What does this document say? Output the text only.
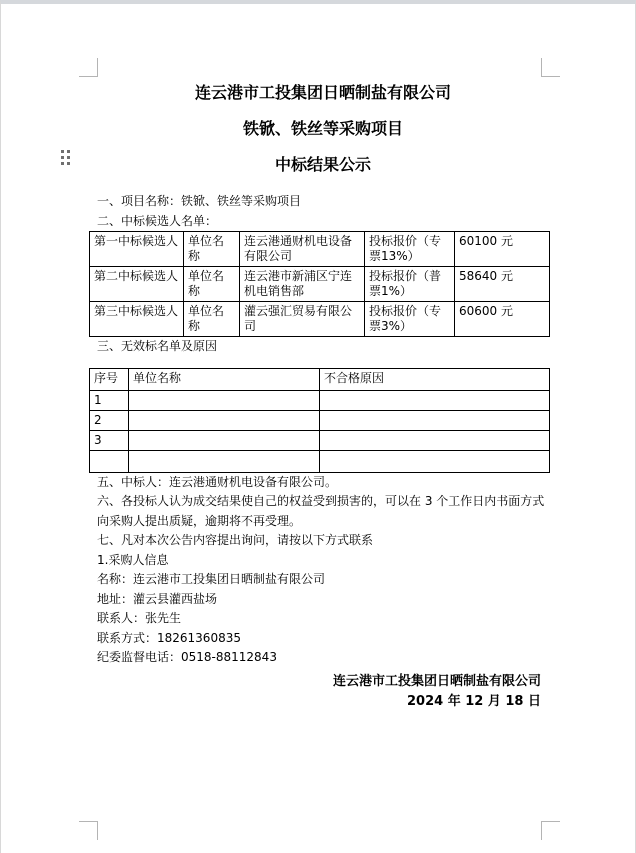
连云港市工投集团日晒制盐有限公司
铁锨、铁丝等采购项目
中标结果公示

一、项目名称：铁锨、铁丝等采购项目

二、中标候选人名单：

第一中标候选人	单位名称	连云港通财机电设备有限公司	投标报价（专票13%）	60100 元
第二中标候选人	单位名称	连云港市新浦区宁连机电销售部	投标报价（普票1%）	58640 元
第三中标候选人	单位名称	灌云强汇贸易有限公司	投标报价（专票3%）	60600 元

三、无效标名单及原因

序号	单位名称	不合格原因
1		
2		
3		

五、中标人：连云港通财机电设备有限公司。

六、各投标人认为成交结果使自己的权益受到损害的，可以在 3 个工作日内书面方式向采购人提出质疑，逾期将不再受理。

七、凡对本次公告内容提出询问，请按以下方式联系

1.采购人信息

名称：连云港市工投集团日晒制盐有限公司

地址：灌云县灌西盐场

联系人：张先生

联系方式：18261360835

纪委监督电话：0518-88112843

连云港市工投集团日晒制盐有限公司

2024 年 12 月 18 日
